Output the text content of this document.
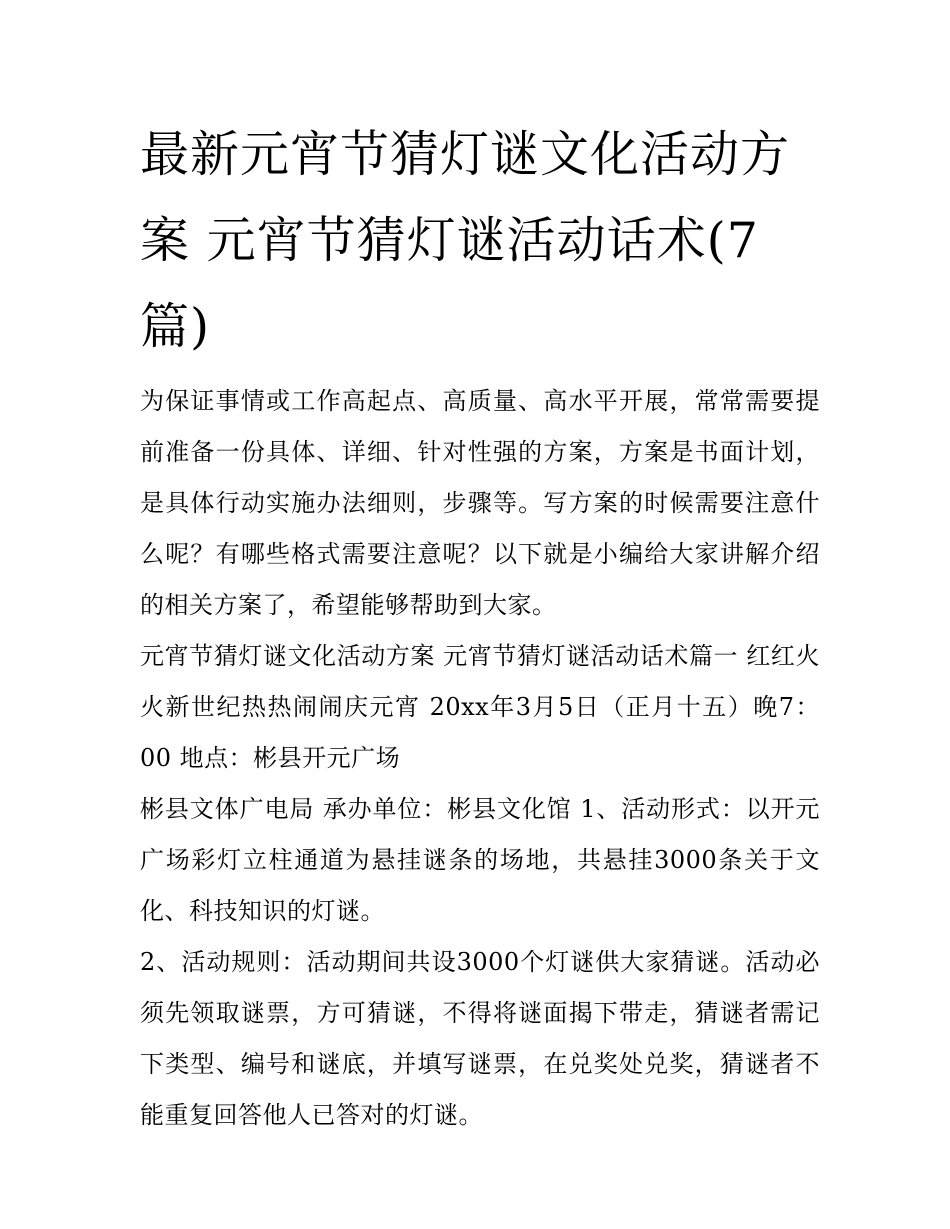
最新元宵节猜灯谜文化活动方案 元宵节猜灯谜活动话术(7篇)

为保证事情或工作高起点、高质量、高水平开展，常常需要提前准备一份具体、详细、针对性强的方案，方案是书面计划，是具体行动实施办法细则，步骤等。写方案的时候需要注意什么呢？有哪些格式需要注意呢？以下就是小编给大家讲解介绍的相关方案了，希望能够帮助到大家。

元宵节猜灯谜文化活动方案 元宵节猜灯谜活动话术篇一 红红火火新世纪热热闹闹庆元宵 20xx年3月5日（正月十五）晚7：00 地点：彬县开元广场

彬县文体广电局 承办单位：彬县文化馆 1、活动形式：以开元广场彩灯立柱通道为悬挂谜条的场地，共悬挂3000条关于文化、科技知识的灯谜。

2、活动规则：活动期间共设3000个灯谜供大家猜谜。活动必须先领取谜票，方可猜谜，不得将谜面揭下带走，猜谜者需记下类型、编号和谜底，并填写谜票，在兑奖处兑奖，猜谜者不能重复回答他人已答对的灯谜。
